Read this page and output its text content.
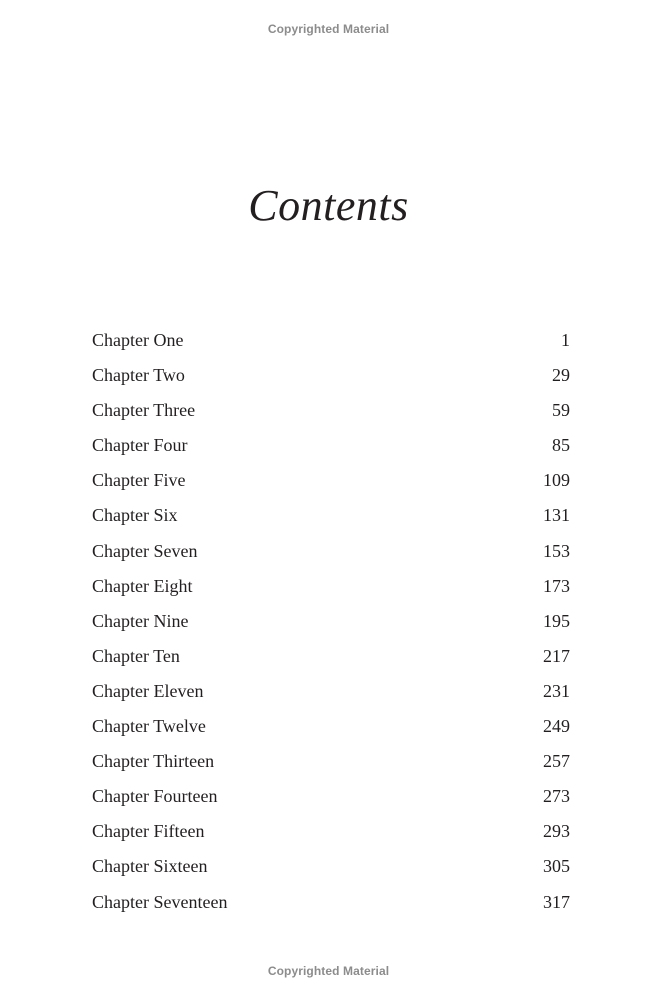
Copyrighted Material
Contents
Chapter One	1
Chapter Two	29
Chapter Three	59
Chapter Four	85
Chapter Five	109
Chapter Six	131
Chapter Seven	153
Chapter Eight	173
Chapter Nine	195
Chapter Ten	217
Chapter Eleven	231
Chapter Twelve	249
Chapter Thirteen	257
Chapter Fourteen	273
Chapter Fifteen	293
Chapter Sixteen	305
Chapter Seventeen	317
Copyrighted Material
